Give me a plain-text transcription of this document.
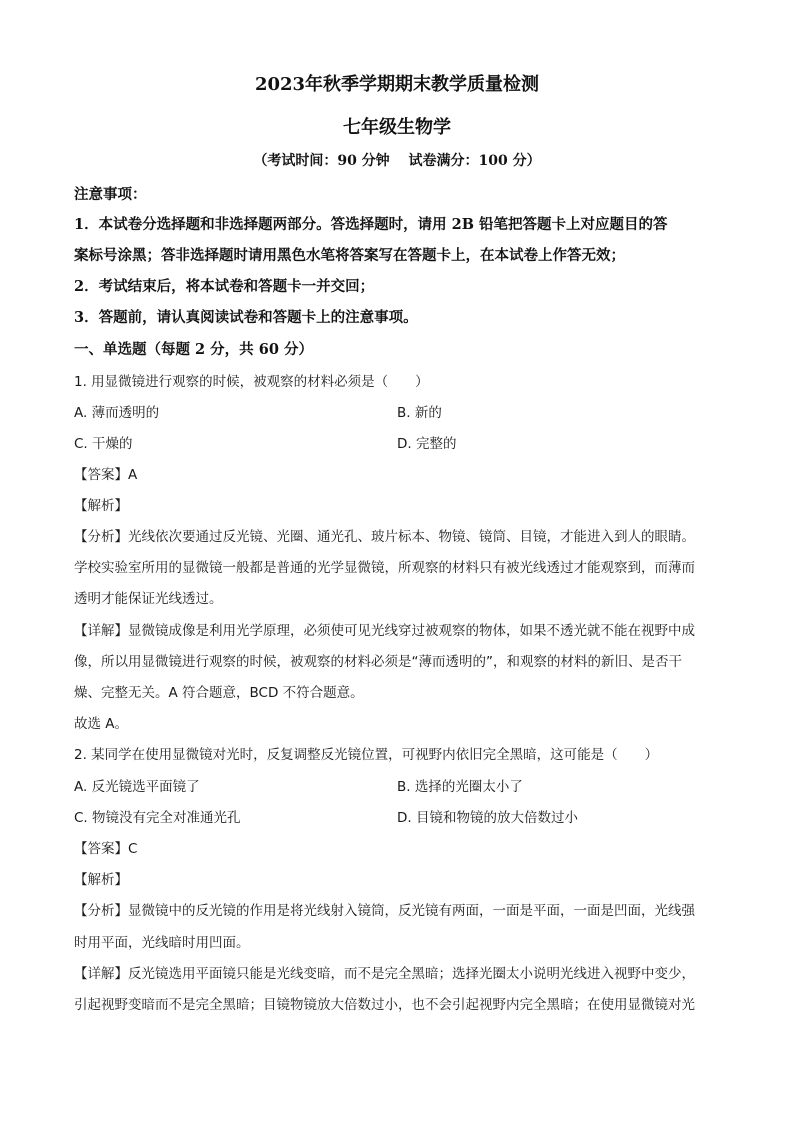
2023年秋季学期期末教学质量检测
七年级生物学
（考试时间：90 分钟　 试卷满分：100 分）
注意事项：
1．本试卷分选择题和非选择题两部分。答选择题时，请用 2B 铅笔把答题卡上对应题目的答
案标号涂黑；答非选择题时请用黑色水笔将答案写在答题卡上，在本试卷上作答无效；
2．考试结束后，将本试卷和答题卡一并交回；
3．答题前，请认真阅读试卷和答题卡上的注意事项。
一、单选题（每题 2 分，共 60 分）
1. 用显微镜进行观察的时候，被观察的材料必须是（　　）
A. 薄而透明的	B. 新的
C. 干燥的	D. 完整的
【答案】A
【解析】
【分析】光线依次要通过反光镜、光圈、通光孔、玻片标本、物镜、镜筒、目镜，才能进入到人的眼睛。
学校实验室所用的显微镜一般都是普通的光学显微镜，所观察的材料只有被光线透过才能观察到，而薄而
透明才能保证光线透过。
【详解】显微镜成像是利用光学原理，必须使可见光线穿过被观察的物体，如果不透光就不能在视野中成
像，所以用显微镜进行观察的时候，被观察的材料必须是“薄而透明的”，和观察的材料的新旧、是否干
燥、完整无关。A 符合题意，BCD 不符合题意。
故选 A。
2. 某同学在使用显微镜对光时，反复调整反光镜位置，可视野内依旧完全黑暗，这可能是（　　）
A. 反光镜选平面镜了	B. 选择的光圈太小了
C. 物镜没有完全对准通光孔	D. 目镜和物镜的放大倍数过小
【答案】C
【解析】
【分析】显微镜中的反光镜的作用是将光线射入镜筒，反光镜有两面，一面是平面，一面是凹面，光线强
时用平面，光线暗时用凹面。
【详解】反光镜选用平面镜只能是光线变暗，而不是完全黑暗；选择光圈太小说明光线进入视野中变少，
引起视野变暗而不是完全黑暗；目镜物镜放大倍数过小，也不会引起视野内完全黑暗；在使用显微镜对光
